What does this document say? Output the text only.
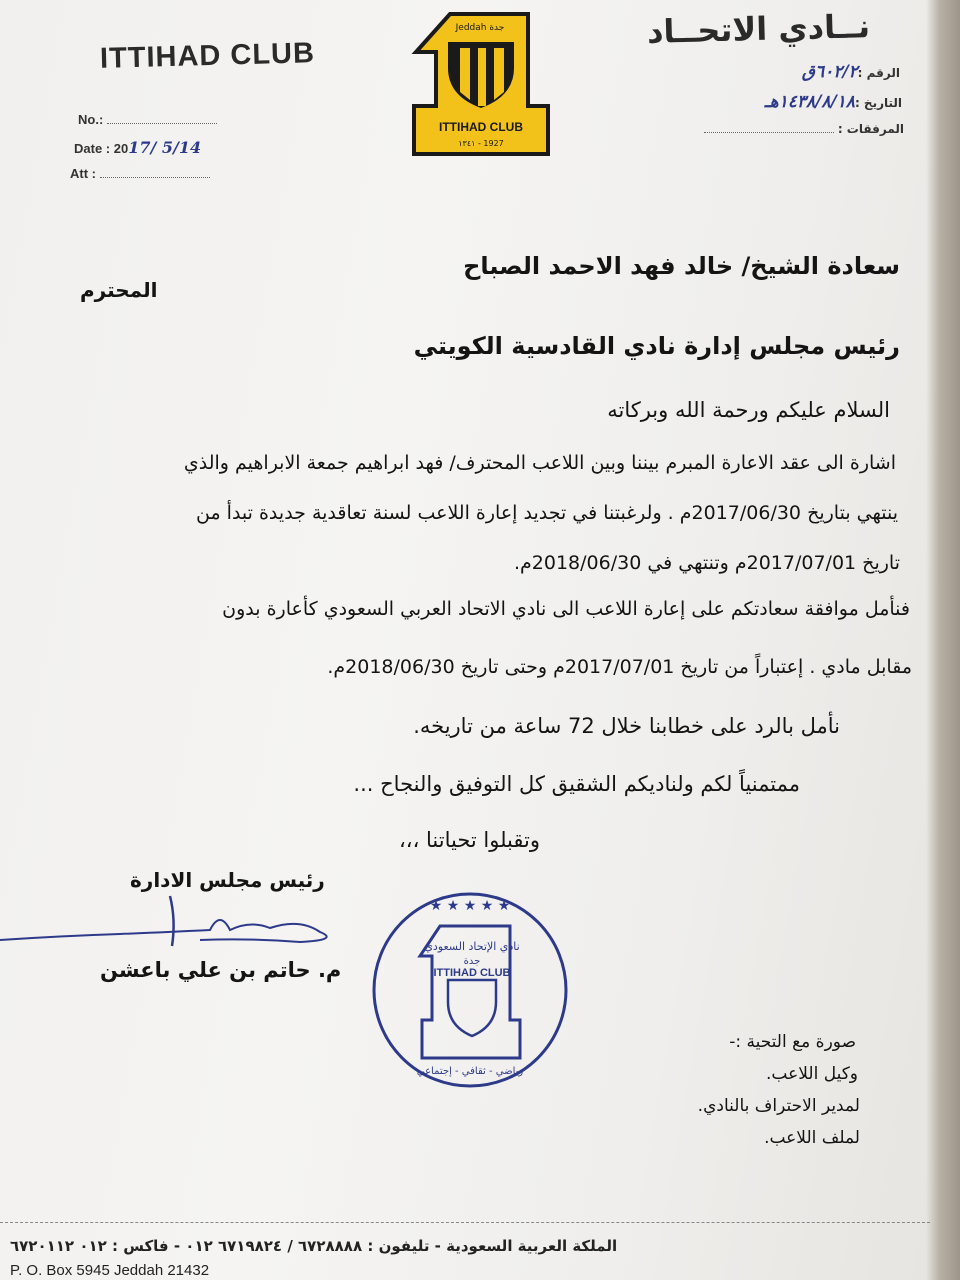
ITTIHAD CLUB
نــادي الاتحــاد
Jeddah جدة
ITTIHAD CLUB
١٣٤١ - 1927
نادي الاتحاد
No.:
Date : 2017/ 5/14
Att :
الرقم :٦٠٢/٢ق
التاريخ :١٤٣٨/٨/١٨هـ
المرفقات :
سعادة الشيخ/ خالد فهد الاحمد الصباح
المحترم
رئيس مجلس إدارة نادي القادسية الكويتي
السلام عليكم ورحمة الله وبركاته
اشارة الى عقد الاعارة المبرم بيننا وبين اللاعب المحترف/ فهد ابراهيم جمعة الابراهيم والذي
ينتهي بتاريخ 2017/06/30م . ولرغبتنا في تجديد إعارة اللاعب لسنة تعاقدية جديدة تبدأ من
تاريخ 2017/07/01م وتنتهي في 2018/06/30م.
فنأمل موافقة سعادتكم على إعارة اللاعب الى نادي الاتحاد العربي السعودي كأعارة بدون
مقابل مادي . إعتباراً من تاريخ 2017/07/01م وحتى تاريخ 2018/06/30م.
نأمل بالرد على خطابنا خلال 72 ساعة من تاريخه.
ممتمنياً لكم ولناديكم الشقيق كل التوفيق والنجاح ...
وتقبلوا تحياتنا ،،،
رئيس مجلس الادارة
م. حاتم بن علي باعشن
نادي الإتحاد السعودي
جدة
ITTIHAD CLUB
رياضي - ثقافي - إجتماعي
★ ★ ★ ★ ★
صورة مع التحية :-
وكيل اللاعب.
لمدير الاحتراف بالنادي.
لملف اللاعب.
الملكة العربية السعودية - تليفون : ٦٧٢٨٨٨٨ / ٦٧١٩٨٢٤ ٠١٢ - فاكس : ٠١٢ ٦٧٢٠١١٢
P. O. Box 5945 Jeddah 21432
